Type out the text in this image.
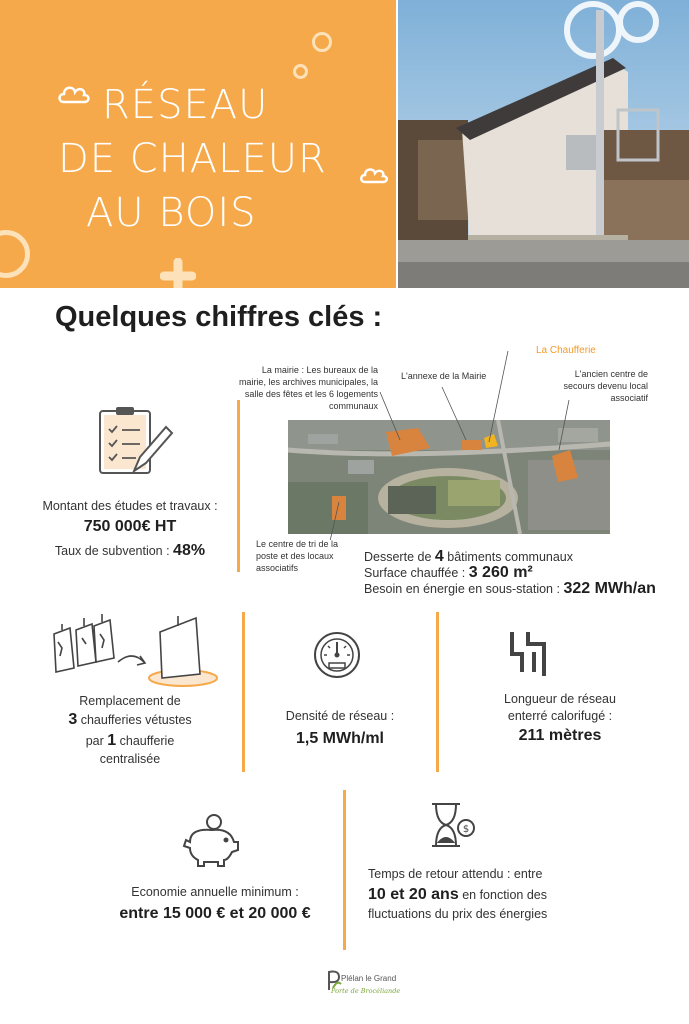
RÉSEAU
DE CHALEUR
AU BOIS
Quelques chiffres clés :
Montant des études et travaux :
750 000€ HT
Taux de subvention : 48%
La mairie : Les bureaux de la mairie, les archives municipales, la salle des fêtes et les 6 logements communaux
L'annexe de la Mairie
La Chaufferie
L'ancien centre de secours devenu local associatif
Le centre de tri de la poste et des locaux associatifs
Desserte de 4 bâtiments communaux
Surface chauffée : 3 260 m²
Besoin en énergie en sous-station : 322 MWh/an
Remplacement de
3 chaufferies vétustes
par 1 chaufferie
centralisée
Densité de réseau :
1,5 MWh/ml
Longueur de réseau
enterré calorifugé :
211 mètres
Economie annuelle minimum :
entre 15 000 € et 20 000 €
$
Temps de retour attendu : entre
10 et 20 ans en fonction des
fluctuations du prix des énergies
Plélan le Grand
Porte de Brocéliande
